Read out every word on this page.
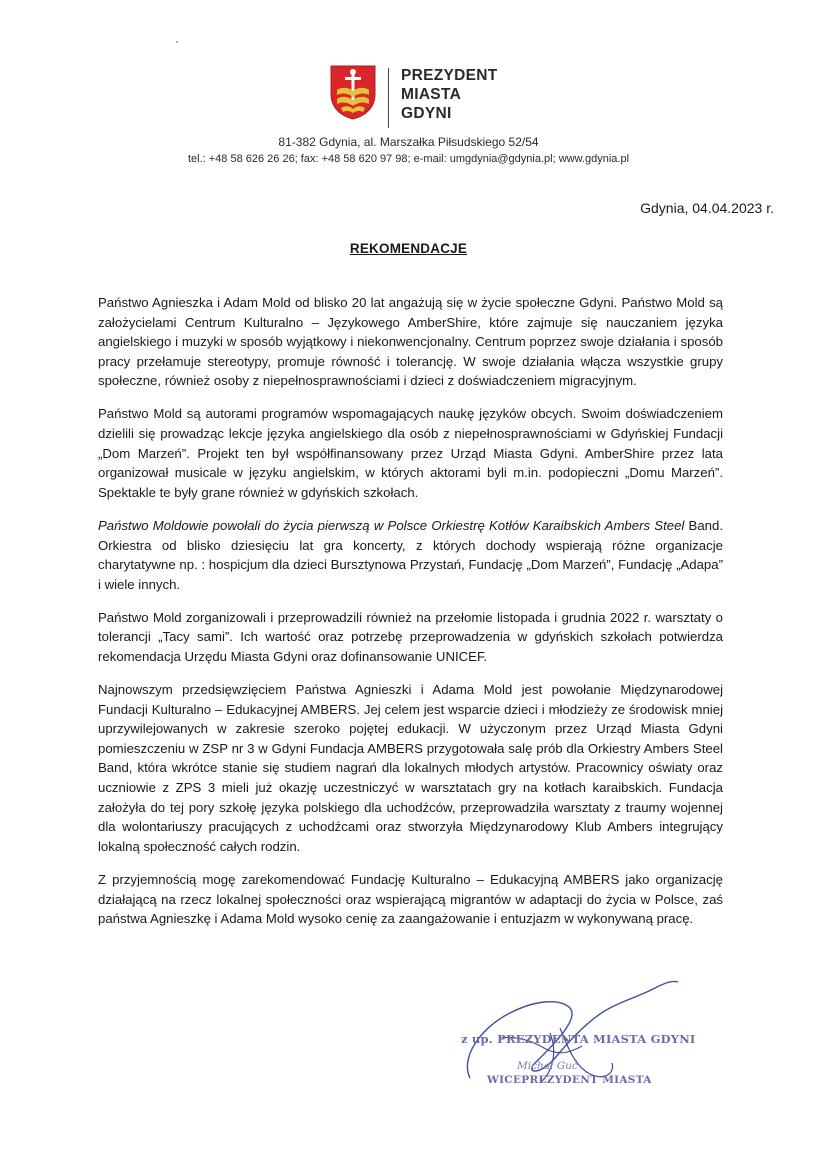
PREZYDENT
MIASTA
GDYNI
81-382 Gdynia, al. Marszałka Piłsudskiego 52/54
tel.: +48 58 626 26 26; fax: +48 58 620 97 98; e-mail: umgdynia@gdynia.pl; www.gdynia.pl
Gdynia, 04.04.2023 r.
REKOMENDACJE

Państwo Agnieszka i Adam Mold od blisko 20 lat angażują się w życie społeczne Gdyni. Państwo Mold są założycielami Centrum Kulturalno – Językowego AmberShire, które zajmuje się nauczaniem języka angielskiego i muzyki w sposób wyjątkowy i niekonwencjonalny. Centrum poprzez swoje działania i sposób pracy przełamuje stereotypy, promuje równość i tolerancję. W swoje działania włącza wszystkie grupy społeczne, również osoby z niepełnosprawnościami i dzieci z doświadczeniem migracyjnym.

Państwo Mold są autorami programów wspomagających naukę języków obcych. Swoim doświadczeniem dzielili się prowadząc lekcje języka angielskiego dla osób z niepełnosprawnościami w Gdyńskiej Fundacji „Dom Marzeń”. Projekt ten był współfinansowany przez Urząd Miasta Gdyni. AmberShire przez lata organizował musicale w języku angielskim, w których aktorami byli m.in. podopieczni „Domu Marzeń”. Spektakle te były grane również w gdyńskich szkołach.

Państwo Moldowie powołali do życia pierwszą w Polsce Orkiestrę Kotłów Karaibskich Ambers Steel Band. Orkiestra od blisko dziesięciu lat gra koncerty, z których dochody wspierają różne organizacje charytatywne np. : hospicjum dla dzieci Bursztynowa Przystań, Fundację „Dom Marzeń”, Fundację „Adapa” i wiele innych.

Państwo Mold zorganizowali i przeprowadzili również na przełomie listopada i grudnia 2022 r. warsztaty o tolerancji „Tacy sami”. Ich wartość oraz potrzebę przeprowadzenia w gdyńskich szkołach potwierdza rekomendacja Urzędu Miasta Gdyni oraz dofinansowanie UNICEF.

Najnowszym przedsięwzięciem Państwa Agnieszki i Adama Mold jest powołanie Międzynarodowej Fundacji Kulturalno – Edukacyjnej AMBERS. Jej celem jest wsparcie dzieci i młodzieży ze środowisk mniej uprzywilejowanych w zakresie szeroko pojętej edukacji. W użyczonym przez Urząd Miasta Gdyni pomieszczeniu w ZSP nr 3 w Gdyni Fundacja AMBERS przygotowała salę prób dla Orkiestry Ambers Steel Band, która wkrótce stanie się studiem nagrań dla lokalnych młodych artystów. Pracownicy oświaty oraz uczniowie z ZPS 3 mieli już okazję uczestniczyć w warsztatach gry na kotłach karaibskich. Fundacja założyła do tej pory szkołę języka polskiego dla uchodźców, przeprowadziła warsztaty z traumy wojennej dla wolontariuszy pracujących z uchodźcami oraz stworzyła Międzynarodowy Klub Ambers integrujący lokalną społeczność całych rodzin.

Z przyjemnością mogę zarekomendować Fundację Kulturalno – Edukacyjną AMBERS jako organizację działającą na rzecz lokalnej społeczności oraz wspierającą migrantów w adaptacji do życia w Polsce, zaś państwa Agnieszkę i Adama Mold wysoko cenię za zaangażowanie i entuzjazm w wykonywaną pracę.

z up. PREZYDENTA MIASTA GDYNI
Michał Guć
WICEPREZYDENT MIASTA
